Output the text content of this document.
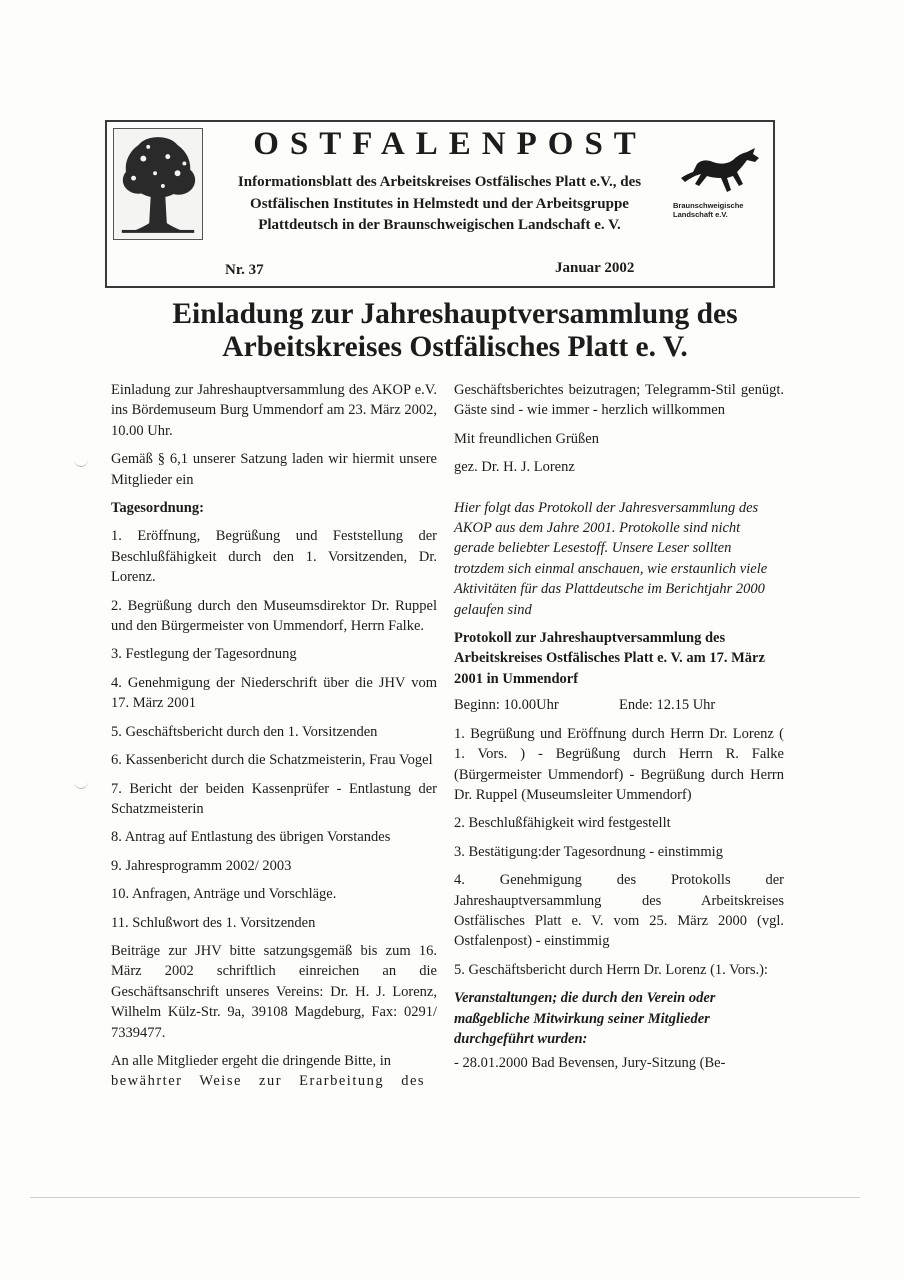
OSTFALENPOST
Informationsblatt des Arbeitskreises Ostfälisches Platt e.V., des Ostfälischen Institutes in Helmstedt und der Arbeitsgruppe Plattdeutsch in der Braunschweigischen Landschaft e. V.
Braunschweigische
Landschaft e.V.
Nr. 37	Januar 2002
Einladung zur Jahreshauptversammlung des
Arbeitskreises Ostfälisches Platt e. V.

Einladung zur Jahreshauptversammlung des AKOP e.V. ins Bördemuseum Burg Ummendorf am 23. März 2002, 10.00 Uhr.

Gemäß § 6,1 unserer Satzung laden wir hiermit unsere Mitglieder ein

Tagesordnung:

1. Eröffnung, Begrüßung und Feststellung der Beschlußfähigkeit durch den 1. Vorsitzenden, Dr. Lorenz.

2. Begrüßung durch den Museumsdirektor Dr. Ruppel und den Bürgermeister von Ummendorf, Herrn Falke.

3. Festlegung der Tagesordnung

4. Genehmigung der Niederschrift über die JHV vom 17. März 2001

5. Geschäftsbericht durch den 1. Vorsitzenden

6. Kassenbericht durch die Schatzmeisterin, Frau Vogel

7. Bericht der beiden Kassenprüfer - Entlastung der Schatzmeisterin

8. Antrag auf Entlastung des übrigen Vorstandes

9. Jahresprogramm 2002/ 2003

10. Anfragen, Anträge und Vorschläge.

11. Schlußwort des 1. Vorsitzenden

Beiträge zur JHV bitte satzungsgemäß bis zum 16. März 2002 schriftlich einreichen an die Geschäftsanschrift unseres Vereins: Dr. H. J. Lorenz, Wilhelm Külz-Str. 9a, 39108 Magdeburg, Fax: 0291/ 7339477.

An alle Mitglieder ergeht die dringende Bitte, in
bewährter Weise zur Erarbeitung des

Geschäftsberichtes beizutragen; Telegramm-Stil genügt. Gäste sind - wie immer - herzlich willkommen

Mit freundlichen Grüßen

gez. Dr. H. J. Lorenz

Hier folgt das Protokoll der Jahresversammlung des AKOP aus dem Jahre 2001. Protokolle sind nicht gerade beliebter Lesestoff. Unsere Leser sollten trotzdem sich einmal anschauen, wie erstaunlich viele Aktivitäten für das Plattdeutsche im Berichtjahr 2000 gelaufen sind

Protokoll zur Jahreshauptversammlung des Arbeitskreises Ostfälisches Platt e. V. am 17. März 2001 in Ummendorf
Beginn: 10.00Uhr	Ende: 12.15 Uhr

1. Begrüßung und Eröffnung durch Herrn Dr. Lorenz ( 1. Vors. ) - Begrüßung durch Herrn R. Falke (Bürgermeister Ummendorf) - Begrüßung durch Herrn Dr. Ruppel (Museumsleiter Ummendorf)

2. Beschlußfähigkeit wird festgestellt

3. Bestätigung:der Tagesordnung - einstimmig

4. Genehmigung des Protokolls der Jahreshauptversammlung des Arbeitskreises Ostfälisches Platt e. V. vom 25. März 2000 (vgl. Ostfalenpost) - einstimmig

5. Geschäftsbericht durch Herrn Dr. Lorenz (1. Vors.):

Veranstaltungen; die durch den Verein oder maßgebliche Mitwirkung seiner Mitglieder durchgeführt wurden:

- 28.01.2000 Bad Bevensen, Jury-Sitzung (Be-
